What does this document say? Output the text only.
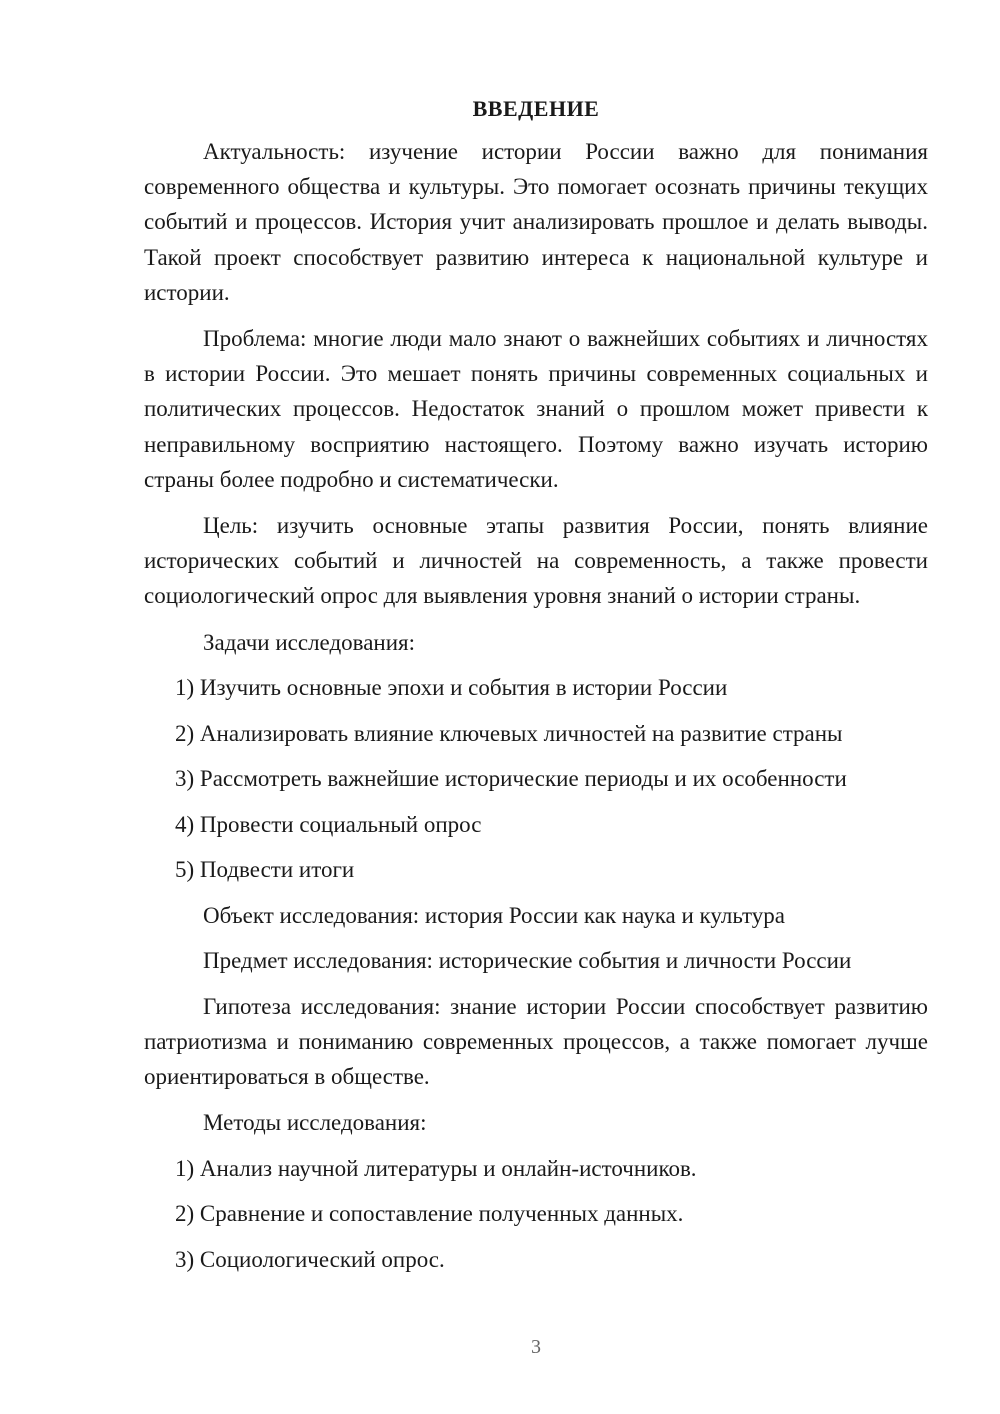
ВВЕДЕНИЕ
Актуальность: изучение истории России важно для понимания современного общества и культуры. Это помогает осознать причины текущих событий и процессов. История учит анализировать прошлое и делать выводы. Такой проект способствует развитию интереса к национальной культуре и истории.
Проблема: многие люди мало знают о важнейших событиях и личностях в истории России. Это мешает понять причины современных социальных и политических процессов. Недостаток знаний о прошлом может привести к неправильному восприятию настоящего. Поэтому важно изучать историю страны более подробно и систематически.
Цель: изучить основные этапы развития России, понять влияние исторических событий и личностей на современность, а также провести социологический опрос для выявления уровня знаний о истории страны.
Задачи исследования:
1) Изучить основные эпохи и события в истории России
2) Анализировать влияние ключевых личностей на развитие страны
3) Рассмотреть важнейшие исторические периоды и их особенности
4) Провести социальный опрос
5) Подвести итоги
Объект исследования: история России как наука и культура
Предмет исследования: исторические события и личности России
Гипотеза исследования: знание истории России способствует развитию патриотизма и пониманию современных процессов, а также помогает лучше ориентироваться в обществе.
Методы исследования:
1) Анализ научной литературы и онлайн-источников.
2) Сравнение и сопоставление полученных данных.
3) Социологический опрос.
3
